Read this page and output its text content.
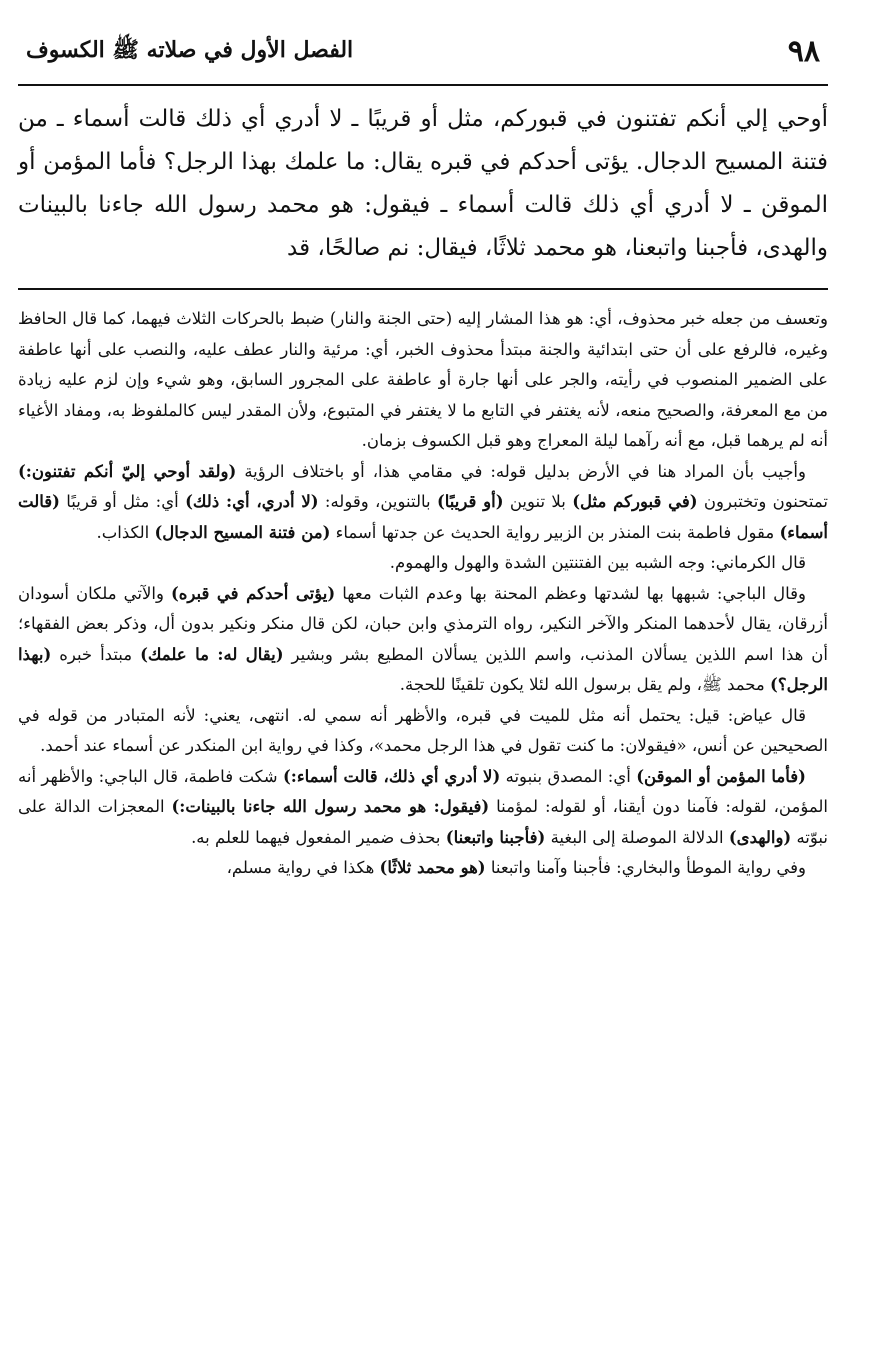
٩٨
الفصل الأول في صلاته ﷺ الكسوف

أوحي إلي أنكم تفتنون في قبوركم، مثل أو قريبًا ـ لا أدري أي ذلك قالت أسماء ـ من فتنة المسيح الدجال. يؤتى أحدكم في قبره يقال: ما علمك بهذا الرجل؟ فأما المؤمن أو الموقن ـ لا أدري أي ذلك قالت أسماء ـ فيقول: هو محمد رسول الله جاءنا بالبينات والهدى، فأجبنا واتبعنا، هو محمد ثلاثًا، فيقال: نم صالحًا، قد

وتعسف من جعله خبر محذوف، أي: هو هذا المشار إليه (حتى الجنة والنار) ضبط بالحركات الثلاث فيهما، كما قال الحافظ وغيره، فالرفع على أن حتى ابتدائية والجنة مبتدأ محذوف الخبر، أي: مرئية والنار عطف عليه، والنصب على أنها عاطفة على الضمير المنصوب في رأيته، والجر على أنها جارة أو عاطفة على المجرور السابق، وهو شيء وإن لزم عليه زيادة من مع المعرفة، والصحيح منعه، لأنه يغتفر في التابع ما لا يغتفر في المتبوع، ولأن المقدر ليس كالملفوظ به، ومفاد الأغياء أنه لم يرهما قبل، مع أنه رآهما ليلة المعراج وهو قبل الكسوف بزمان.

وأجيب بأن المراد هنا في الأرض بدليل قوله: في مقامي هذا، أو باختلاف الرؤية (ولقد أوحي إليّ أنكم تفتنون:) تمتحنون وتختبرون (في قبوركم مثل) بلا تنوين (أو قريبًا) بالتنوين، وقوله: (لا أدري، أي: ذلك) أي: مثل أو قريبًا (قالت أسماء) مقول فاطمة بنت المنذر بن الزبير رواية الحديث عن جدتها أسماء (من فتنة المسيح الدجال) الكذاب.

قال الكرماني: وجه الشبه بين الفتنتين الشدة والهول والهموم.

وقال الباجي: شبهها بها لشدتها وعظم المحنة بها وعدم الثبات معها (يؤتى أحدكم في قبره) والآتي ملكان أسودان أزرقان، يقال لأحدهما المنكر والآخر النكير، رواه الترمذي وابن حبان، لكن قال منكر ونكير بدون أل، وذكر بعض الفقهاء؛ أن هذا اسم اللذين يسألان المذنب، واسم اللذين يسألان المطيع بشر وبشير (يقال له: ما علمك) مبتدأ خبره (بهذا الرجل؟) محمد ﷺ، ولم يقل برسول الله لئلا يكون تلقينًا للحجة.

قال عياض: قيل: يحتمل أنه مثل للميت في قبره، والأظهر أنه سمي له. انتهى، يعني: لأنه المتبادر من قوله في الصحيحين عن أنس، «فيقولان: ما كنت تقول في هذا الرجل محمد»، وكذا في رواية ابن المنكدر عن أسماء عند أحمد.

(فأما المؤمن أو الموقن) أي: المصدق بنبوته (لا أدري أي ذلك، قالت أسماء:) شكت فاطمة، قال الباجي: والأظهر أنه المؤمن، لقوله: فآمنا دون أيقنا، أو لقوله: لمؤمنا (فيقول: هو محمد رسول الله جاءنا بالبينات:) المعجزات الدالة على نبوّته (والهدى) الدلالة الموصلة إلى البغية (فأجبنا واتبعنا) بحذف ضمير المفعول فيهما للعلم به.

وفي رواية الموطأ والبخاري: فأجبنا وآمنا واتبعنا (هو محمد ثلاثًا) هكذا في رواية مسلم،
